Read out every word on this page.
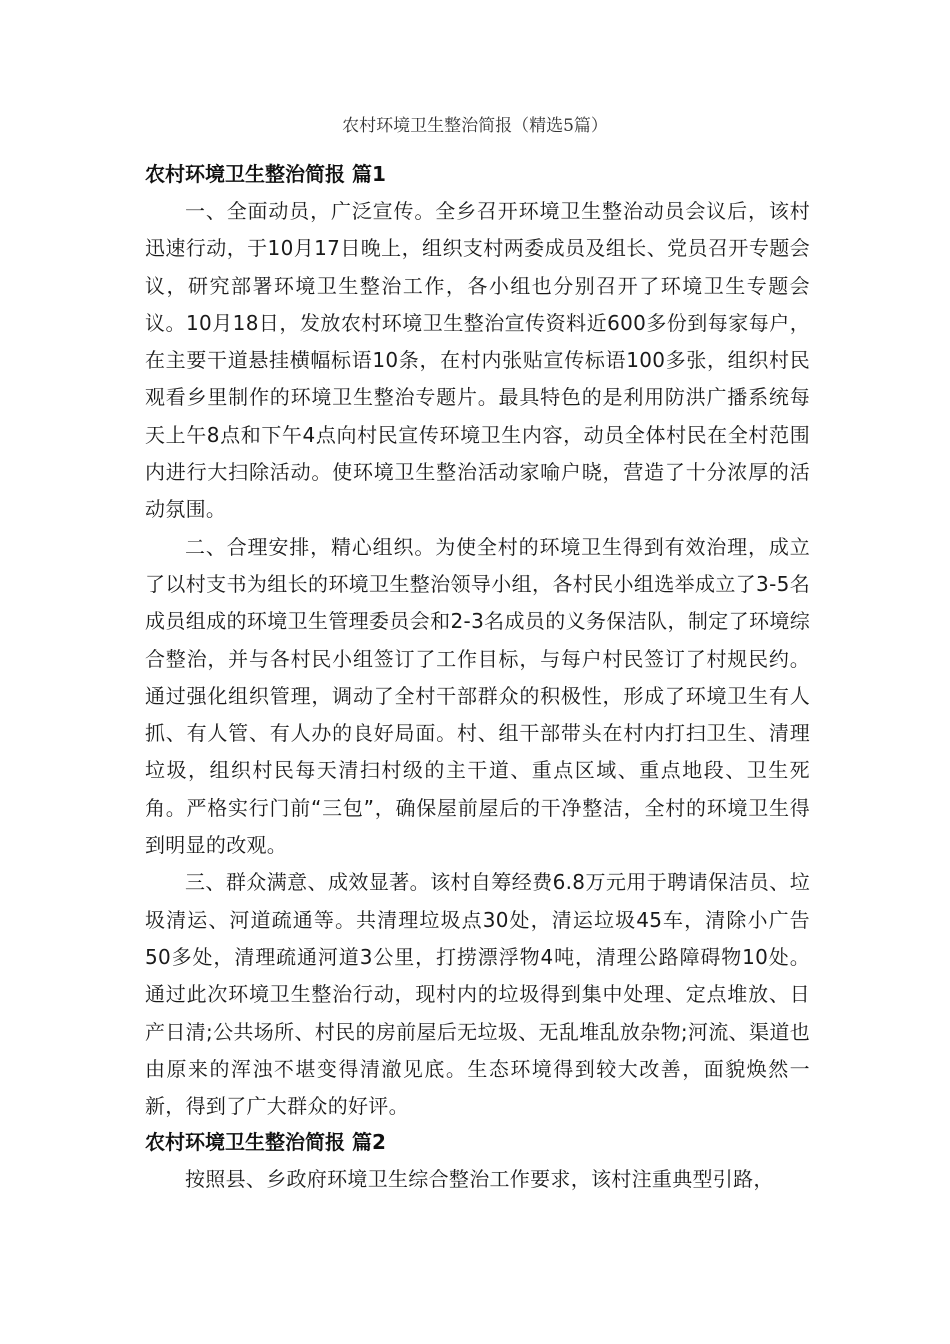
农村环境卫生整治简报（精选5篇）
农村环境卫生整治简报 篇1

一、全面动员，广泛宣传。全乡召开环境卫生整治动员会议后，该村迅速行动，于10月17日晚上，组织支村两委成员及组长、党员召开专题会议，研究部署环境卫生整治工作，各小组也分别召开了环境卫生专题会议。10月18日，发放农村环境卫生整治宣传资料近600多份到每家每户，在主要干道悬挂横幅标语10条，在村内张贴宣传标语100多张，组织村民观看乡里制作的环境卫生整治专题片。最具特色的是利用防洪广播系统每天上午8点和下午4点向村民宣传环境卫生内容，动员全体村民在全村范围内进行大扫除活动。使环境卫生整治活动家喻户晓，营造了十分浓厚的活动氛围。

二、合理安排，精心组织。为使全村的环境卫生得到有效治理，成立了以村支书为组长的环境卫生整治领导小组，各村民小组选举成立了3-5名成员组成的环境卫生管理委员会和2-3名成员的义务保洁队，制定了环境综合整治，并与各村民小组签订了工作目标，与每户村民签订了村规民约。通过强化组织管理，调动了全村干部群众的积极性，形成了环境卫生有人抓、有人管、有人办的良好局面。村、组干部带头在村内打扫卫生、清理垃圾，组织村民每天清扫村级的主干道、重点区域、重点地段、卫生死角。严格实行门前“三包”，确保屋前屋后的干净整洁，全村的环境卫生得到明显的改观。

三、群众满意、成效显著。该村自筹经费6.8万元用于聘请保洁员、垃圾清运、河道疏通等。共清理垃圾点30处，清运垃圾45车，清除小广告50多处，清理疏通河道3公里，打捞漂浮物4吨，清理公路障碍物10处。通过此次环境卫生整治行动，现村内的垃圾得到集中处理、定点堆放、日产日清;公共场所、村民的房前屋后无垃圾、无乱堆乱放杂物;河流、渠道也由原来的浑浊不堪变得清澈见底。生态环境得到较大改善，面貌焕然一新，得到了广大群众的好评。

农村环境卫生整治简报 篇2

按照县、乡政府环境卫生综合整治工作要求，该村注重典型引路，
